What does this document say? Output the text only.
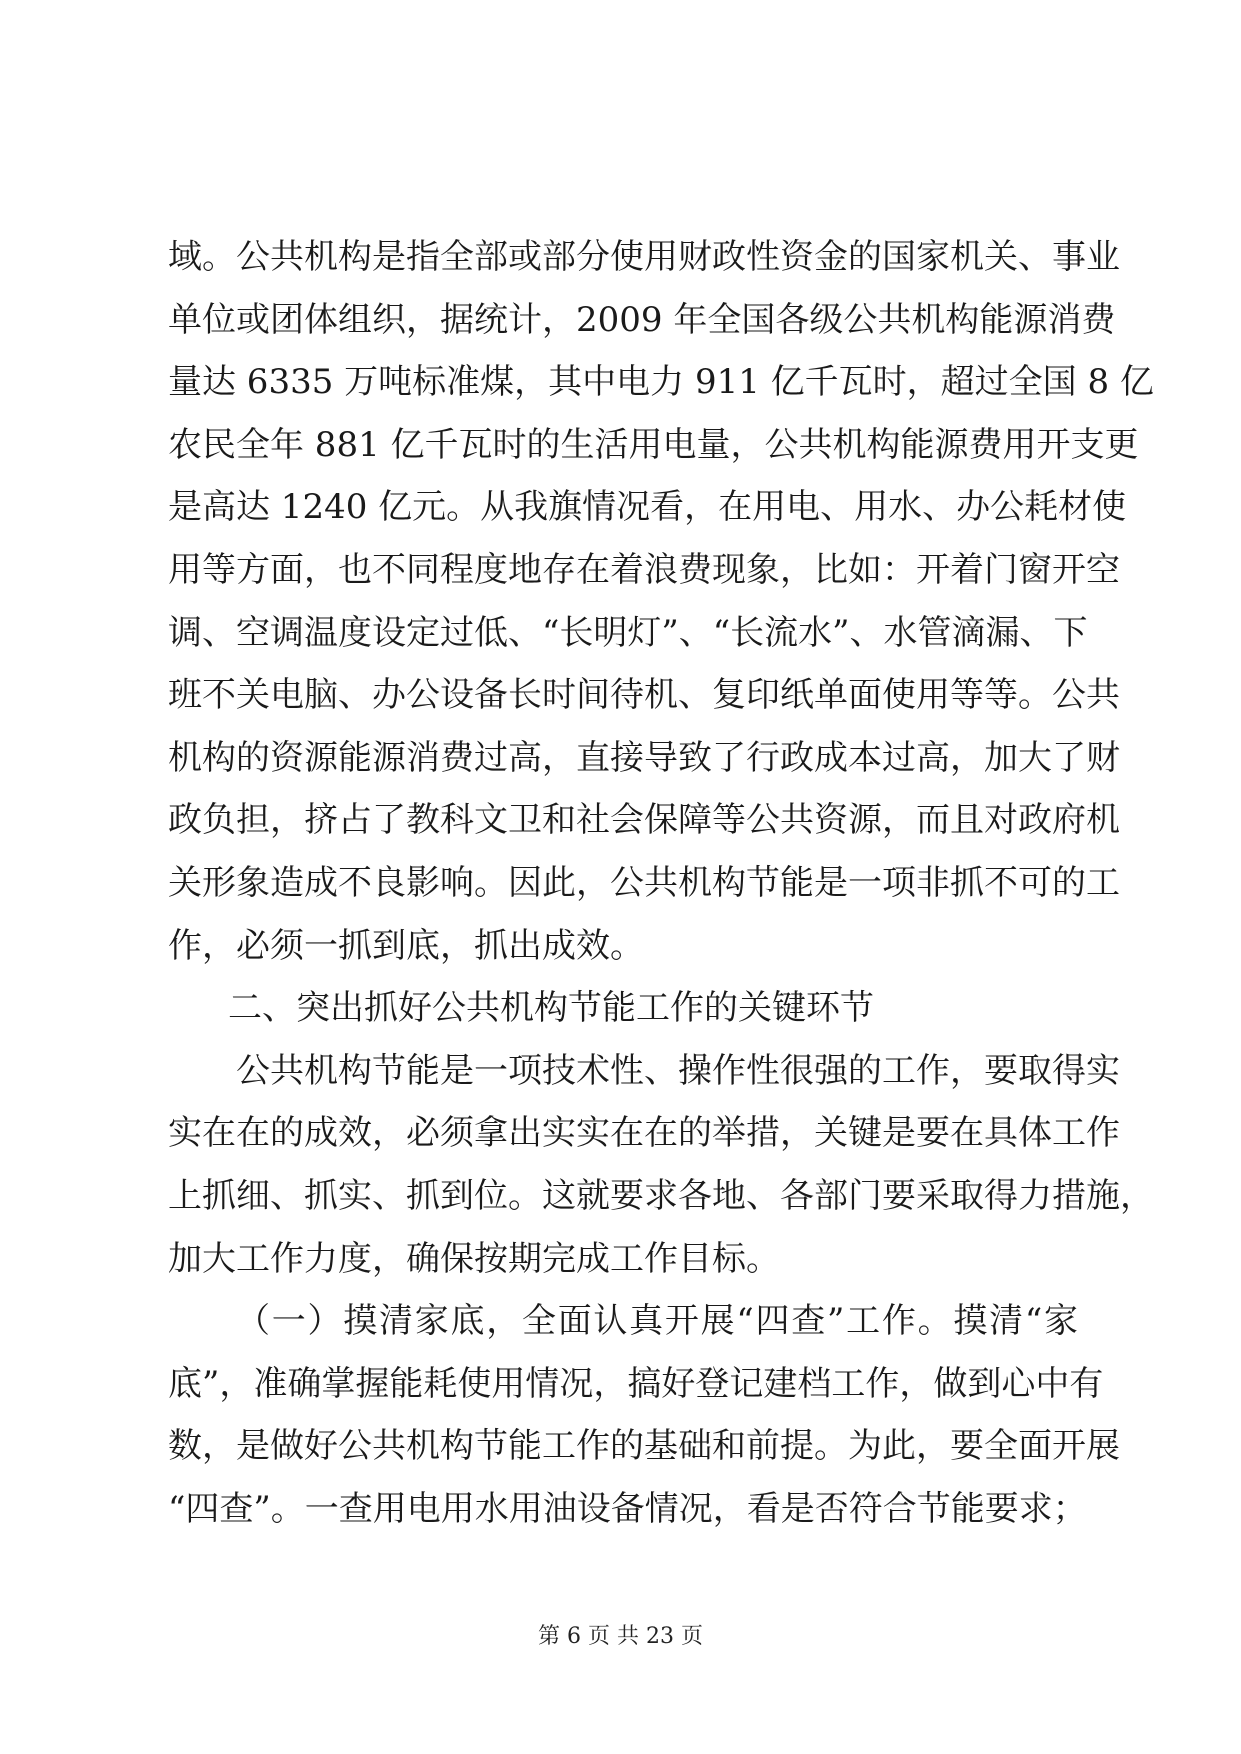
域。公共机构是指全部或部分使用财政性资金的国家机关、事业
单位或团体组织，据统计，2009 年全国各级公共机构能源消费
量达 6335 万吨标准煤，其中电力 911 亿千瓦时，超过全国 8 亿
农民全年 881 亿千瓦时的生活用电量，公共机构能源费用开支更
是高达 1240 亿元。从我旗情况看，在用电、用水、办公耗材使
用等方面，也不同程度地存在着浪费现象，比如：开着门窗开空
调、空调温度设定过低、“长明灯”、“长流水”、水管滴漏、下
班不关电脑、办公设备长时间待机、复印纸单面使用等等。公共
机构的资源能源消费过高，直接导致了行政成本过高，加大了财
政负担，挤占了教科文卫和社会保障等公共资源，而且对政府机
关形象造成不良影响。因此，公共机构节能是一项非抓不可的工
作，必须一抓到底，抓出成效。
二、突出抓好公共机构节能工作的关键环节
公共机构节能是一项技术性、操作性很强的工作，要取得实
实在在的成效，必须拿出实实在在的举措，关键是要在具体工作
上抓细、抓实、抓到位。这就要求各地、各部门要采取得力措施，
加大工作力度，确保按期完成工作目标。
（一）摸清家底，全面认真开展“四查”工作。摸清“家
底”，准确掌握能耗使用情况，搞好登记建档工作，做到心中有
数，是做好公共机构节能工作的基础和前提。为此，要全面开展
“四查”。一查用电用水用油设备情况，看是否符合节能要求；
第 6 页 共 23 页
